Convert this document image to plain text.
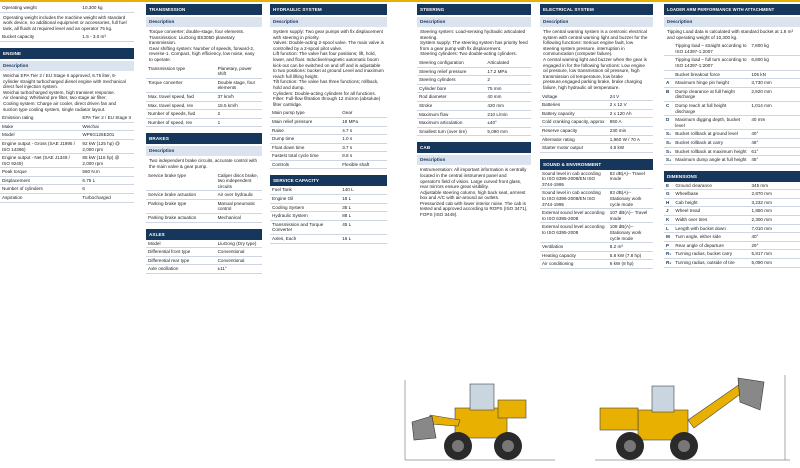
Operating weight	10,300 kg
Operating weight includes the machine weight with standard work device, no additional equipment or accessories, full fuel tank, all fluids at required level and an operator 75 kg.
Bucket capacity	1.5 - 3.0 m³
ENGINE
Description
Weichai EPA Tier 2 / EU Stage II approved, 6.75 liter, 6-cylinder straight turbocharged diesel engine with mechanical direct fuel injection system.
Weichai turbocharged system, high transient response.
Air cleaning: Whirlwind pre filter, two stage air filter.
Cooling system: Charge air cooler, direct driven fan and suction type cooling system, single radiator layout.
Emission rating	EPA Tier 2 / EU Stage II
Make	Weichai
Model	WP6G125E201
Engine output - Gross (SAE J1995 / ISO 14396)	92 kW (125 hp) @ 2,000 rpm
Engine output - Net (SAE J1349 / ISO 9249)	85 kW (116 hp) @ 2,000 rpm
Peak torque	560 N.m
Displacement	6.75 L
Number of cylinders	6
Aspiration	Turbocharged
TRANSMISSION
Description
Torque converter: double-stage, four elements.
Transmission: LiuGong BS305D planetary transmission.
Gear shifting system: Number of speeds, forward-2, reverse-1. Compact, high efficiency, low noise, easy to operate.
Transmission type	Planetary, power shift
Torque converter	Double stage, four elements
Max. travel speed, fwd	37 km/h
Max. travel speed, rev	15.5 km/h
Number of speeds, fwd	2
Number of speed, rev	1
BRAKES
Description
Two independent brake circuits, accurate control with the main valve & gear pump.
Service brake type	Caliper discs brake, two independent circuits
Service brake actuation	Air over hydraulic
Parking brake type	Manual pneumatic control
Parking brake actuation	Mechanical
AXLES
Model	LiuGong (Dry type)
Differential front type	Conventional
Differential rear type	Conventional
Axle oscillation	±11°
HYDRAULIC SYSTEM
Description
System supply: Two gear pumps with fix displacement with steering in priority.
Valves: Double-acting 2-spool valve. The main valve is controlled by a 2-spool pilot valve.
Lift function: The valve has four positions; lift, hold, lower, and float. Inductive/magnetic automatic boom kick-out can be switched on and off and is adjustable to two positions: bucket at ground Level and maximum reach full lifting height.
Tilt function: The valve has three functions; rollback, hold and dump.
Cylinders: Double-acting cylinders for all functions.
Filter: Full-flow filtration through 12 micron (absolute) filter cartridge.
Main pump type	Gear
Main relief pressure	18 MPa
Raise	4.7 s
Dump time	1.0 s
Float down time	3.7 s
Fastest total cycle time	8.8 s
Controls	Flexible shaft
SERVICE CAPACITY
Fuel Tank	140 L
Engine Oil	18 L
Cooling System	35 L
Hydraulic System	88 L
Transmission and Torque Converter	45 L
Axles, Each	16 L
STEERING
Description
Steering system: Load-sensing hydraulic articulated steering.
System supply: The steering system has priority feed from a gear pump with fix displacement.
Steering cylinders: Two double-acting cylinders.
Steering configuration	Articulated
Steering relief pressure	17.2 MPa
Steering cylinders	2
Cylinder bore	75 mm
Rod diameter	40 mm
Stroke	420 mm
Maximum flow	210 L/min
Maximum articulation	±40°
Smallest turn (over tire)	5,090 mm
CAB
Description
Instrumentation: All important information is centrally located in the central instrument panel and operator's field of vision. Large curved front glass, rear mirrors ensure great visibility.
Adjustable steering column, high back seat, armrest box and A/C with air-around air outlets.
Pressurized cab with lower interior noise. The cab is tested and approved according to ROPS (ISO 3471), FOPS (ISO 3449).
ELECTRICAL SYSTEM
Description
The central warning system is a centronic electrical system with central warning light and buzzer for the following functions: Serious engine fault, low steering system pressure, interruption in communication (computer failure).
A central warning light and buzzer when the gear is engaged in for the following functions: Low engine oil pressure, low transmission oil pressure, high transmission oil temperature, low brake pressure,engaged parking brake, brake charging failure, high hydraulic oil temperature.
Voltage	24 V
Batteries	2 x 12 V
Battery capacity	2 x 120 Ah
Cold cranking capacity, approx	850 A
Reserve capacity	230 min
Alternator rating	1,960 W / 70 A
Starter motor output	4.8 kW
SOUND & ENVIRONMENT
Sound level in cab according to ISO 6396-2008/EN ISO 3744-1995	82 dB(A)-- Travel mode
Sound level in cab according to ISO 6396-2008/EN ISO 3744-1995	83 dB(A)-- Stationary work cycle mode
External sound level according to ISO 6395-2008	107 dB(A)-- Travel mode
External sound level according to ISO 6395-2008	108 dB(A)-- Stationary work cycle mode
Ventilation	8.2 m³
Heating capacity	5.8 kW (7.8 hp)
Air conditioning	6 kW (8 hp)
LOADER ARM PERFORMANCE WITH ATTACHMENT
Description
Tipping Load data is calculated with standard bucket at 1.8 m³ and operating weight of 10,300 kg.
	Tipping load – straight according to ISO 14397-1:2007	7,800 kg
	Tipping load – full turn according to ISO 14397-1:2007	6,800 kg
	Bucket breakout force	105 kN
A	Maximum hinge pin height	3,730 mm
B	Dump clearance at full height discharge	2,920 mm
C	Dump reach at full height discharge	1,014 mm
D	Maximum digging depth, bucket level	40 mm
S₁	Bucket rollback at ground level	40°
S₂	Bucket rollback at carry	48°
S₃	Bucket rollback at maximum height	61°
S₄	Maximum dump angle at full height	45°
DIMENSIONS
E	Ground clearance	345 mm
G	Wheelbase	2,870 mm
H	Cab height	3,232 mm
J	Wheel tread	1,850 mm
K	Width over tires	2,300 mm
L	Length with bucket down	7,010 mm
M	Turn angle, either side	40°
P	Rear angle of departure	29°
R₁	Turning radius, bucket carry	5,817 mm
R₂	Turning radius, outside of tire	5,090 mm
